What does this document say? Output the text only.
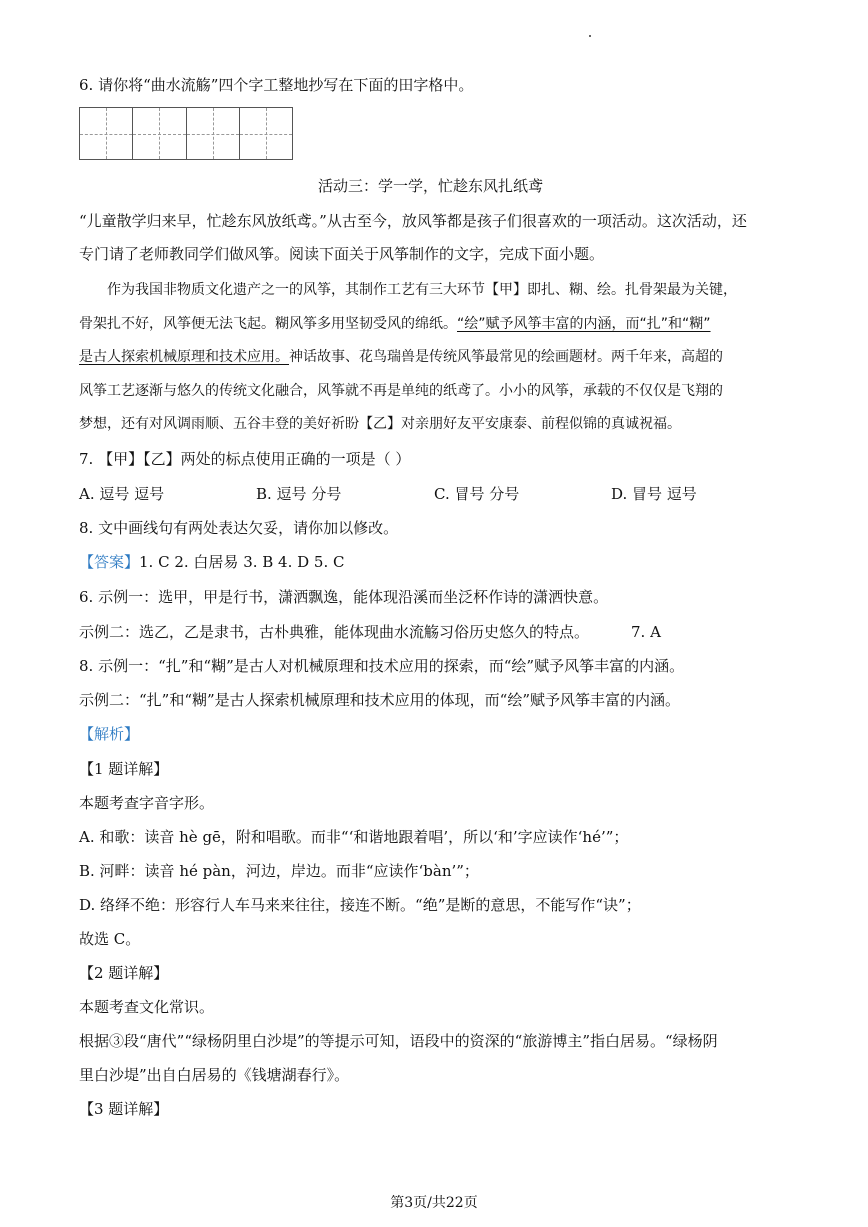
6. 请你将“曲水流觞”四个字工整地抄写在下面的田字格中。
活动三：学一学，忙趁东风扎纸鸢
“儿童散学归来早，忙趁东风放纸鸢。”从古至今，放风筝都是孩子们很喜欢的一项活动。这次活动，还
专门请了老师教同学们做风筝。阅读下面关于风筝制作的文字，完成下面小题。
作为我国非物质文化遗产之一的风筝，其制作工艺有三大环节【甲】即扎、糊、绘。扎骨架最为关键，
骨架扎不好，风筝便无法飞起。糊风筝多用坚韧受风的绵纸。“绘”赋予风筝丰富的内涵，而“扎”和“糊”
是古人探索机械原理和技术应用。神话故事、花鸟瑞兽是传统风筝最常见的绘画题材。两千年来，高超的
风筝工艺逐渐与悠久的传统文化融合，风筝就不再是单纯的纸鸢了。小小的风筝，承载的不仅仅是飞翔的
梦想，还有对风调雨顺、五谷丰登的美好祈盼【乙】对亲朋好友平安康泰、前程似锦的真诚祝福。
7. 【甲】【乙】两处的标点使用正确的一项是（ ）
A. 逗号 逗号	B. 逗号 分号	C. 冒号 分号	D. 冒号 逗号
8. 文中画线句有两处表达欠妥，请你加以修改。
【答案】1. C 2. 白居易 3. B 4. D 5. C
6. 示例一：选甲，甲是行书，潇洒飘逸，能体现沿溪而坐泛杯作诗的潇洒快意。
示例二：选乙，乙是隶书，古朴典雅，能体现曲水流觞习俗历史悠久的特点。	7. A
8. 示例一：“扎”和“糊”是古人对机械原理和技术应用的探索，而“绘”赋予风筝丰富的内涵。
示例二：“扎”和“糊”是古人探索机械原理和技术应用的体现，而“绘”赋予风筝丰富的内涵。
【解析】
【1 题详解】
本题考查字音字形。
A. 和歌：读音 hè gē，附和唱歌。而非“‘和谐地跟着唱’，所以‘和’字应读作‘hé’”；
B. 河畔：读音 hé pàn，河边，岸边。而非“应读作‘bàn’”；
D. 络绎不绝：形容行人车马来来往往，接连不断。“绝”是断的意思，不能写作“诀”；
故选 C。
【2 题详解】
本题考查文化常识。
根据③段“唐代”“绿杨阴里白沙堤”的等提示可知，语段中的资深的“旅游博主”指白居易。“绿杨阴
里白沙堤”出自白居易的《钱塘湖春行》。
【3 题详解】
第3页/共22页
